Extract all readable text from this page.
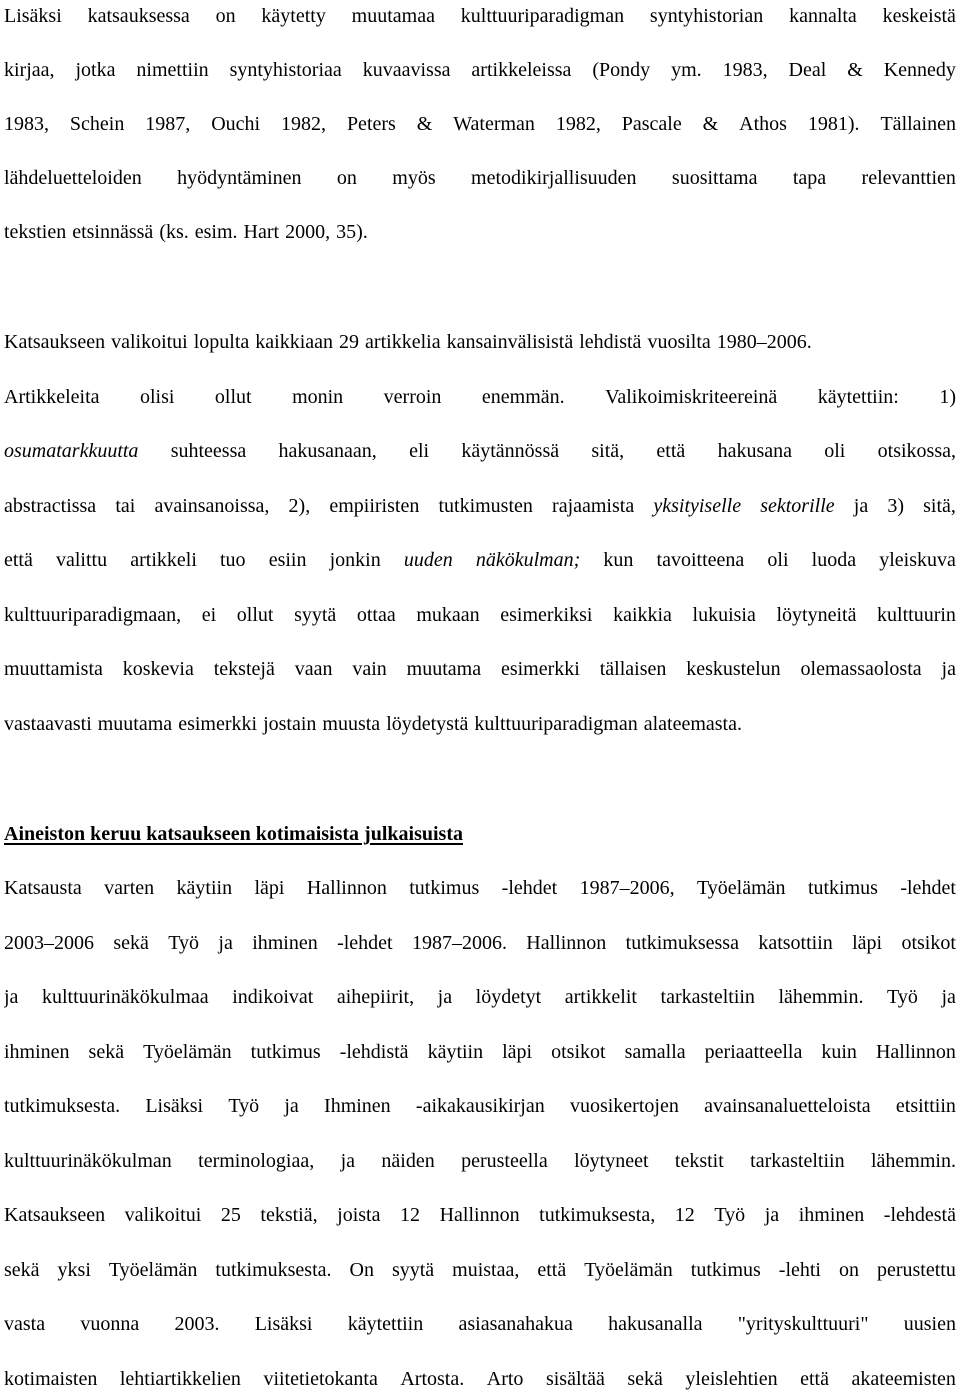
Lisäksi katsauksessa on käytetty muutamaa kulttuuriparadigman syntyhistorian kannalta keskeistä
kirjaa, jotka nimettiin syntyhistoriaa kuvaavissa artikkeleissa (Pondy ym. 1983, Deal & Kennedy
1983, Schein 1987, Ouchi 1982, Peters & Waterman 1982, Pascale & Athos 1981). Tällainen
lähdeluetteloiden hyödyntäminen on myös metodikirjallisuuden suosittama tapa relevanttien
tekstien etsinnässä (ks. esim. Hart 2000, 35).
Katsaukseen valikoitui lopulta kaikkiaan 29 artikkelia kansainvälisistä lehdistä vuosilta 1980–2006.
Artikkeleita olisi ollut monin verroin enemmän. Valikoimiskriteereinä käytettiin: 1)
osumatarkkuutta suhteessa hakusanaan, eli käytännössä sitä, että hakusana oli otsikossa,
abstractissa tai avainsanoissa, 2), empiiristen tutkimusten rajaamista yksityiselle sektorille ja 3) sitä,
että valittu artikkeli tuo esiin jonkin uuden näkökulman; kun tavoitteena oli luoda yleiskuva
kulttuuriparadigmaan, ei ollut syytä ottaa mukaan esimerkiksi kaikkia lukuisia löytyneitä kulttuurin
muuttamista koskevia tekstejä vaan vain muutama esimerkki tällaisen keskustelun olemassaolosta ja
vastaavasti muutama esimerkki jostain muusta löydetystä kulttuuriparadigman alateemasta.
Aineiston keruu katsaukseen kotimaisista julkaisuista
Katsausta varten käytiin läpi Hallinnon tutkimus -lehdet 1987–2006, Työelämän tutkimus -lehdet
2003–2006 sekä Työ ja ihminen -lehdet 1987–2006. Hallinnon tutkimuksessa katsottiin läpi otsikot
ja kulttuurinäkökulmaa indikoivat aihepiirit, ja löydetyt artikkelit tarkasteltiin lähemmin. Työ ja
ihminen sekä Työelämän tutkimus -lehdistä käytiin läpi otsikot samalla periaatteella kuin Hallinnon
tutkimuksesta. Lisäksi Työ ja Ihminen -aikakausikirjan vuosikertojen avainsanaluetteloista etsittiin
kulttuurinäkökulman terminologiaa, ja näiden perusteella löytyneet tekstit tarkasteltiin lähemmin.
Katsaukseen valikoitui 25 tekstiä, joista 12 Hallinnon tutkimuksesta, 12 Työ ja ihminen -lehdestä
sekä yksi Työelämän tutkimuksesta. On syytä muistaa, että Työelämän tutkimus -lehti on perustettu
vasta vuonna 2003. Lisäksi käytettiin asiasanahakua hakusanalla "yrityskulttuuri" uusien
kotimaisten lehtiartikkelien viitetietokanta Artosta. Arto sisältää sekä yleislehtien että akateemisten
